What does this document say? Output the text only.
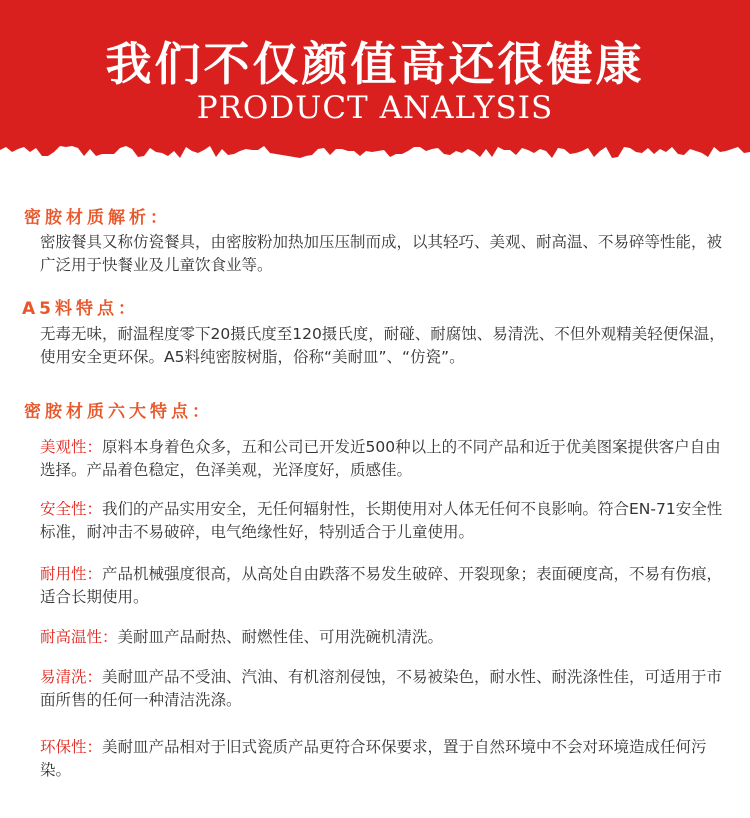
我们不仅颜值高还很健康
PRODUCT ANALYSIS
密胺材质解析：
密胺餐具又称仿瓷餐具，由密胺粉加热加压压制而成，以其轻巧、美观、耐高温、不易碎等性能，被广泛用于快餐业及儿童饮食业等。
A5料特点：
无毒无味，耐温程度零下20摄氏度至120摄氏度，耐碰、耐腐蚀、易清洗、不但外观精美轻便保温，使用安全更环保。A5料纯密胺树脂，俗称“美耐皿”、“仿瓷”。
密胺材质六大特点：
美观性：原料本身着色众多，五和公司已开发近500种以上的不同产品和近于优美图案提供客户自由选择。产品着色稳定，色泽美观，光泽度好，质感佳。
安全性：我们的产品实用安全，无任何辐射性，长期使用对人体无任何不良影响。符合EN-71安全性标准，耐冲击不易破碎，电气绝缘性好，特别适合于儿童使用。
耐用性：产品机械强度很高，从高处自由跌落不易发生破碎、开裂现象；表面硬度高，不易有伤痕，适合长期使用。
耐高温性：美耐皿产品耐热、耐燃性佳、可用洗碗机清洗。
易清洗：美耐皿产品不受油、汽油、有机溶剂侵蚀，不易被染色，耐水性、耐洗涤性佳，可适用于市面所售的任何一种清洁洗涤。
环保性：美耐皿产品相对于旧式瓷质产品更符合环保要求，置于自然环境中不会对环境造成任何污染。
